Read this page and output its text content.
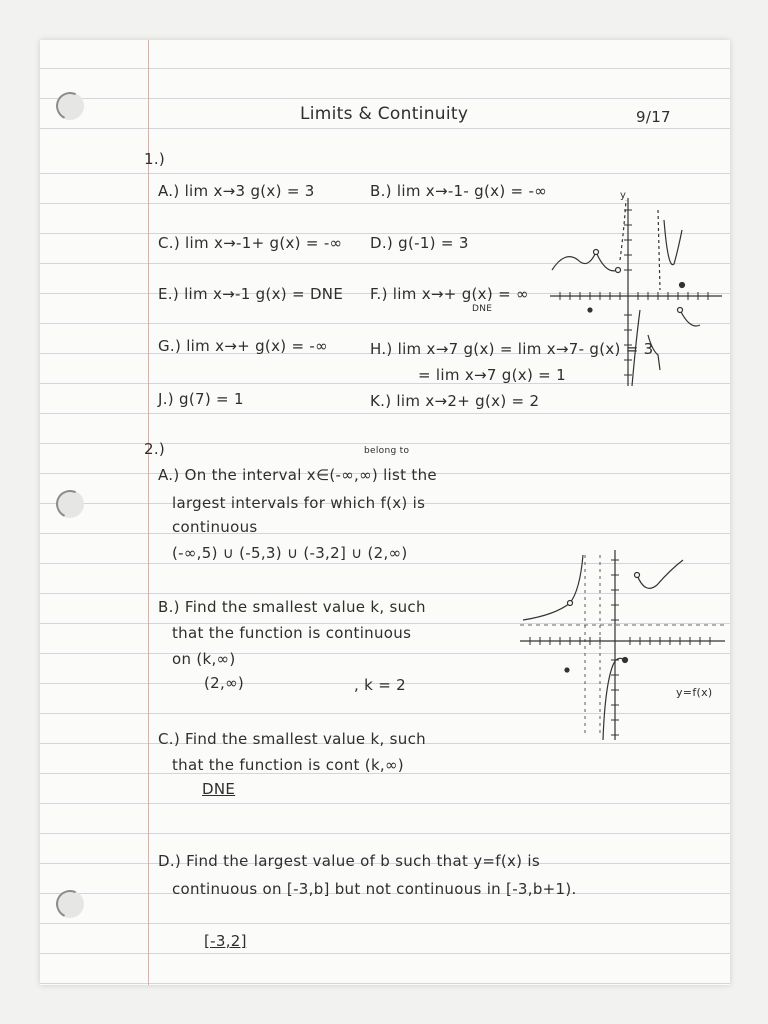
Limits & Continuity	9/17
1.)
A.) lim x→3 g(x) = 3	B.) lim x→-1- g(x) = -∞
C.) lim x→-1+ g(x) = -∞ D.) g(-1) = 3
E.) lim x→-1 g(x) = DNE F.) lim x→+ g(x) = ∞
DNE
G.) lim x→+ g(x) = -∞	H.) lim x→7 g(x) = lim x→7- g(x) = 3
= lim x→7 g(x) = 1
J.) g(7) = 1	K.) lim x→2+ g(x) = 2
y
2.)	belong to
A.) On the interval x∈(-∞,∞) list the
largest intervals for which f(x) is
continuous
(-∞,5) ∪ (-5,3) ∪ (-3,2] ∪ (2,∞)
B.) Find the smallest value k, such
that the function is continuous
on (k,∞)
(2,∞)	, k = 2
C.) Find the smallest value k, such
that the function is cont (k,∞)
DNE
D.) Find the largest value of b such that y=f(x) is
continuous on [-3,b] but not continuous in [-3,b+1).
[-3,2]
y=f(x)
